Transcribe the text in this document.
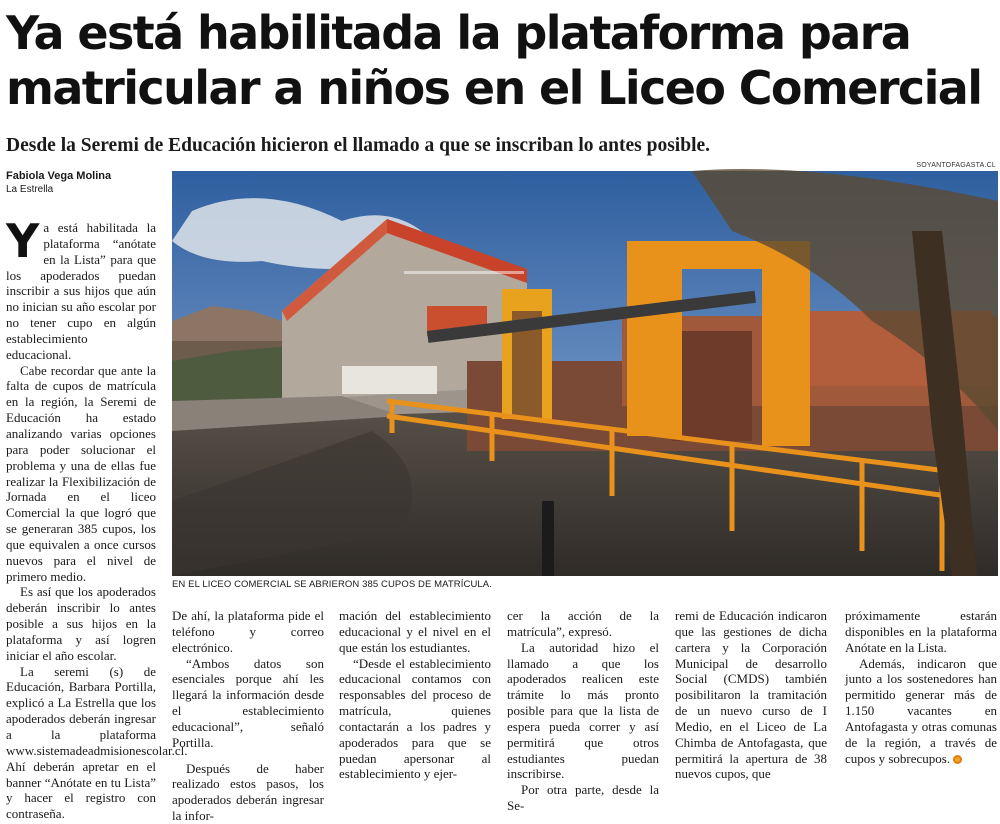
Ya está habilitada la plataforma para
matricular a niños en el Liceo Comercial
Desde la Seremi de Educación hicieron el llamado a que se inscriban lo antes posible.
Fabiola Vega Molina
La Estrella
SOYANTOFAGASTA.CL
EN EL LICEO COMERCIAL SE ABRIERON 385 CUPOS DE MATRÍCULA.

Ya está habilitada la plataforma “anótate en la Lista” para que los apoderados puedan inscribir a sus hijos que aún no inician su año escolar por no tener cupo en algún establecimiento educacional.

Cabe recordar que ante la falta de cupos de matrícula en la región, la Seremi de Educación ha estado analizando varias opciones para poder solucionar el problema y una de ellas fue realizar la Flexibilización de Jornada en el liceo Comercial la que logró que se generaran 385 cupos, los que equivalen a once cursos nuevos para el nivel de primero medio.

Es así que los apoderados deberán inscribir lo antes posible a sus hijos en la plataforma y así logren iniciar el año escolar.

La seremi (s) de Educación, Barbara Portilla, explicó a La Estrella que los apoderados deberán ingresar a la plataforma www.sistemadeadmisionescolar.cl. Ahí deberán apretar en el banner “Anótate en tu Lista” y hacer el registro con contraseña.

De ahí, la plataforma pide el teléfono y correo electrónico.

“Ambos datos son esenciales porque ahí les llegará la información desde el establecimiento educacional”, señaló Portilla.

Después de haber realizado estos pasos, los apoderados deberán ingresar la infor-

mación del establecimiento educacional y el nivel en el que están los estudiantes.

“Desde el establecimiento educacional contamos con responsables del proceso de matrícula, quienes contactarán a los padres y apoderados para que se puedan apersonar al establecimiento y ejer-

cer la acción de la matrícula”, expresó.

La autoridad hizo el llamado a que los apoderados realicen este trámite lo más pronto posible para que la lista de espera pueda correr y así permitirá que otros estudiantes puedan inscribirse.

Por otra parte, desde la Se-

remi de Educación indicaron que las gestiones de dicha cartera y la Corporación Municipal de desarrollo Social (CMDS) también posibilitaron la tramitación de un nuevo curso de I Medio, en el Liceo de La Chimba de Antofagasta, que permitirá la apertura de 38 nuevos cupos, que

próximamente estarán disponibles en la plataforma Anótate en la Lista.

Además, indicaron que junto a los sostenedores han permitido generar más de 1.150 vacantes en Antofagasta y otras comunas de la región, a través de cupos y sobrecupos.
